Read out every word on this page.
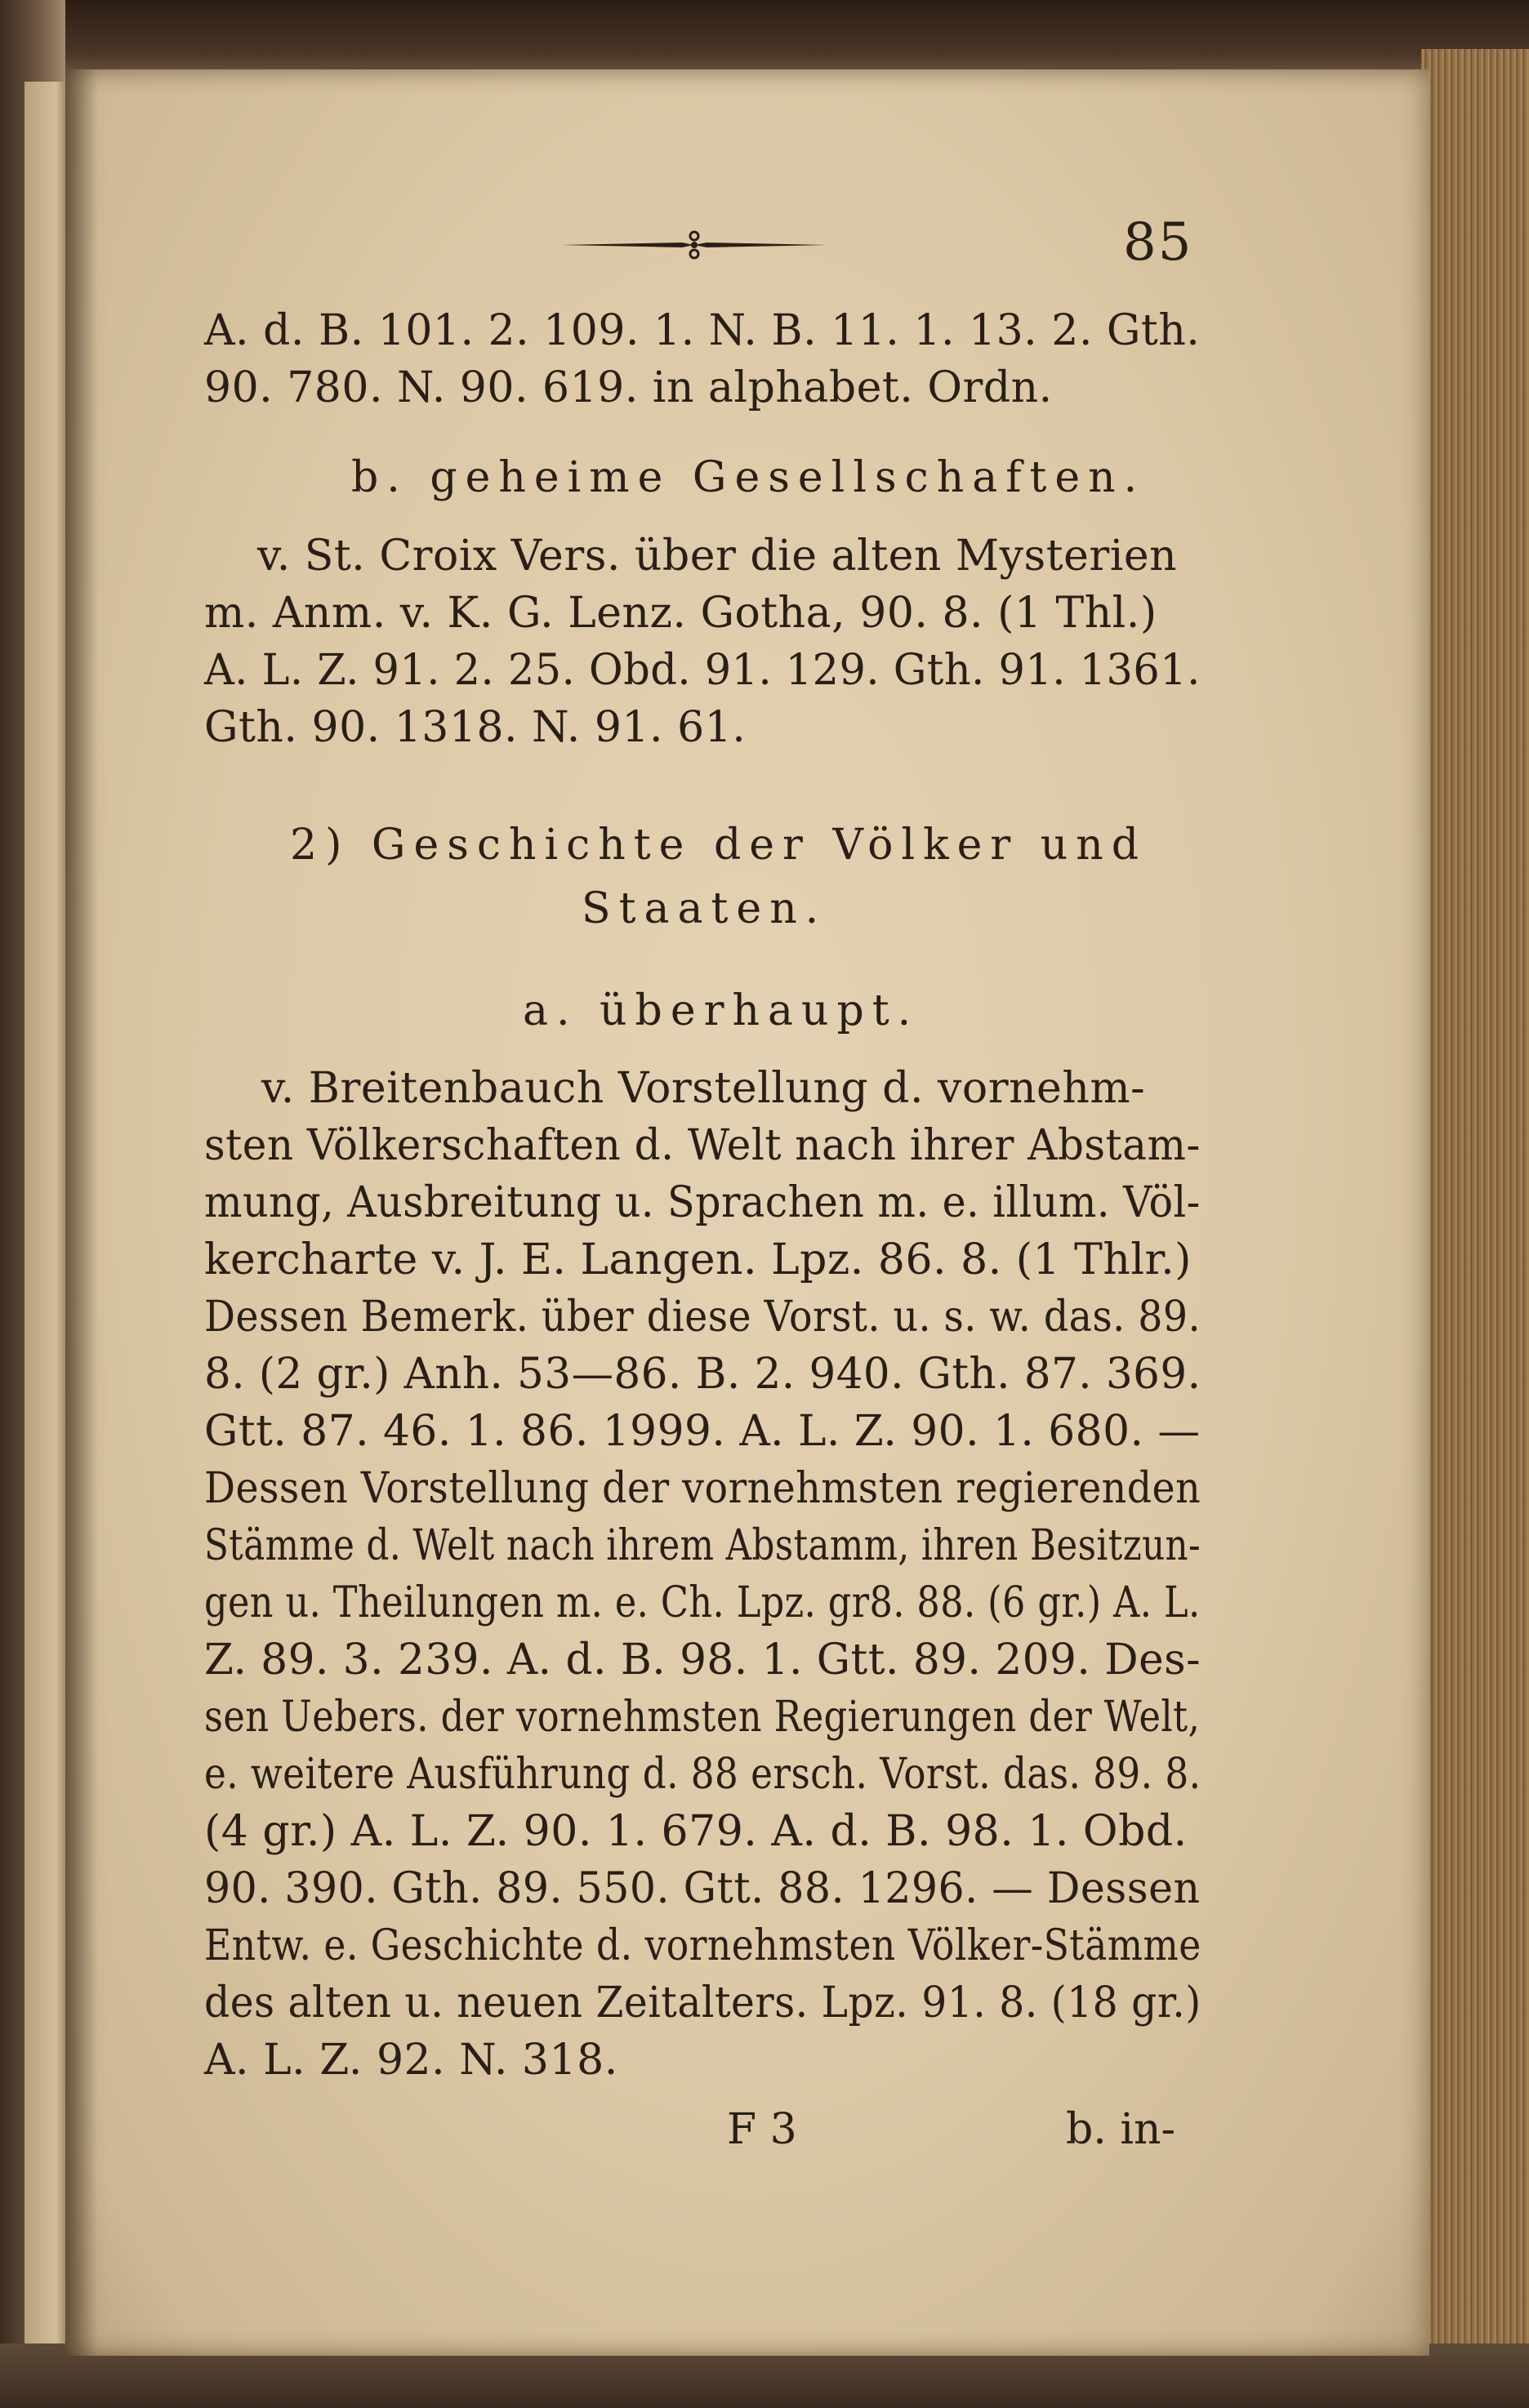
85
A. d. B. 101. 2. 109. 1. N. B. 11. 1. 13. 2. Gth.
90. 780. N. 90. 619. in alphabet. Ordn.
b. geheime Gesellschaften.
v. St. Croix Vers. über die alten Mysterien
m. Anm. v. K. G. Lenz. Gotha, 90. 8. (1 Thl.)
A. L. Z. 91. 2. 25. Obd. 91. 129. Gth. 91. 1361.
Gth. 90. 1318. N. 91. 61.
2) Geschichte der Völker und
Staaten.
a. überhaupt.
v. Breitenbauch Vorstellung d. vornehm-
sten Völkerschaften d. Welt nach ihrer Abstam-
mung, Ausbreitung u. Sprachen m. e. illum. Völ-
kercharte v. J. E. Langen. Lpz. 86. 8. (1 Thlr.)
Dessen Bemerk. über diese Vorst. u. s. w. das. 89.
8. (2 gr.) Anh. 53—86. B. 2. 940. Gth. 87. 369.
Gtt. 87. 46. 1. 86. 1999. A. L. Z. 90. 1. 680. —
Dessen Vorstellung der vornehmsten regierenden
Stämme d. Welt nach ihrem Abstamm, ihren Besitzun-
gen u. Theilungen m. e. Ch. Lpz. gr8. 88. (6 gr.) A. L.
Z. 89. 3. 239. A. d. B. 98. 1. Gtt. 89. 209. Des-
sen Uebers. der vornehmsten Regierungen der Welt,
e. weitere Ausführung d. 88 ersch. Vorst. das. 89. 8.
(4 gr.) A. L. Z. 90. 1. 679. A. d. B. 98. 1. Obd.
90. 390. Gth. 89. 550. Gtt. 88. 1296. — Dessen
Entw. e. Geschichte d. vornehmsten Völker-Stämme
des alten u. neuen Zeitalters. Lpz. 91. 8. (18 gr.)
A. L. Z. 92. N. 318.
F 3	b. in-
